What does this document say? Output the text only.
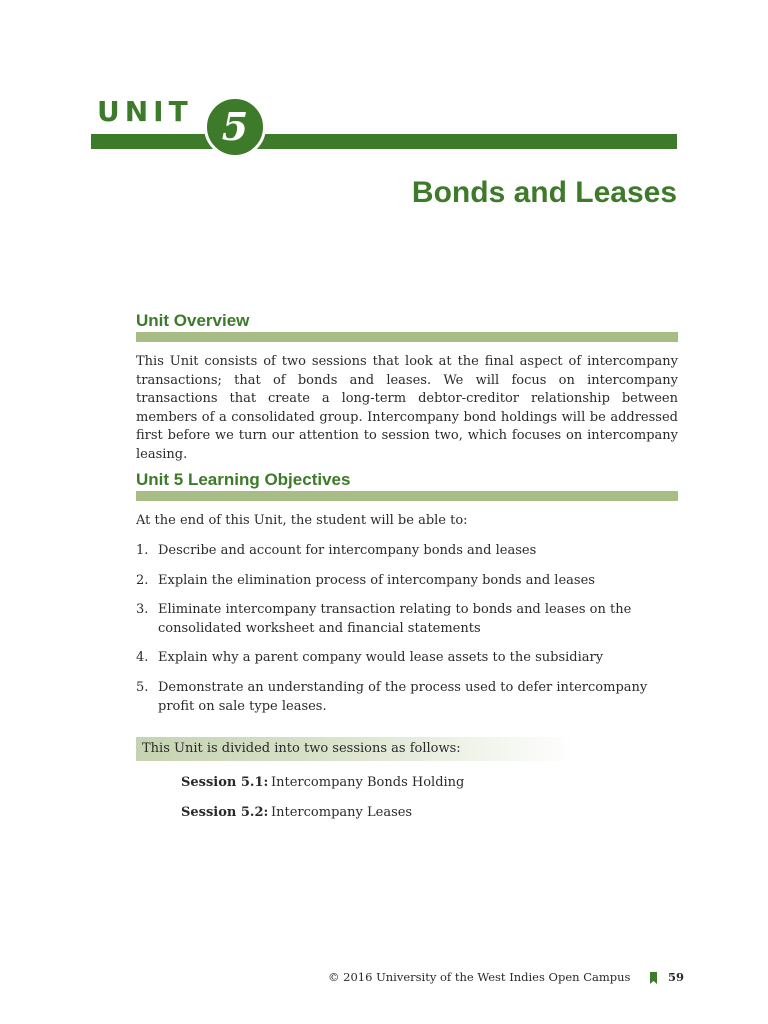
UNIT 5
Bonds and Leases
Unit Overview
This Unit consists of two sessions that look at the final aspect of intercompany transactions; that of bonds and leases. We will focus on intercompany transactions that create a long-term debtor-creditor relationship between members of a consolidated group. Intercompany bond holdings will be addressed first before we turn our attention to session two, which focuses on intercompany leasing.
Unit 5 Learning Objectives
At the end of this Unit, the student will be able to:
1. Describe and account for intercompany bonds and leases
2. Explain the elimination process of intercompany bonds and leases
3. Eliminate intercompany transaction relating to bonds and leases on the consolidated worksheet and financial statements
4. Explain why a parent company would lease assets to the subsidiary
5. Demonstrate an understanding of the process used to defer intercompany profit on sale type leases.
This Unit is divided into two sessions as follows:
Session 5.1: Intercompany Bonds Holding
Session 5.2: Intercompany Leases
© 2016 University of the West Indies Open Campus	59
